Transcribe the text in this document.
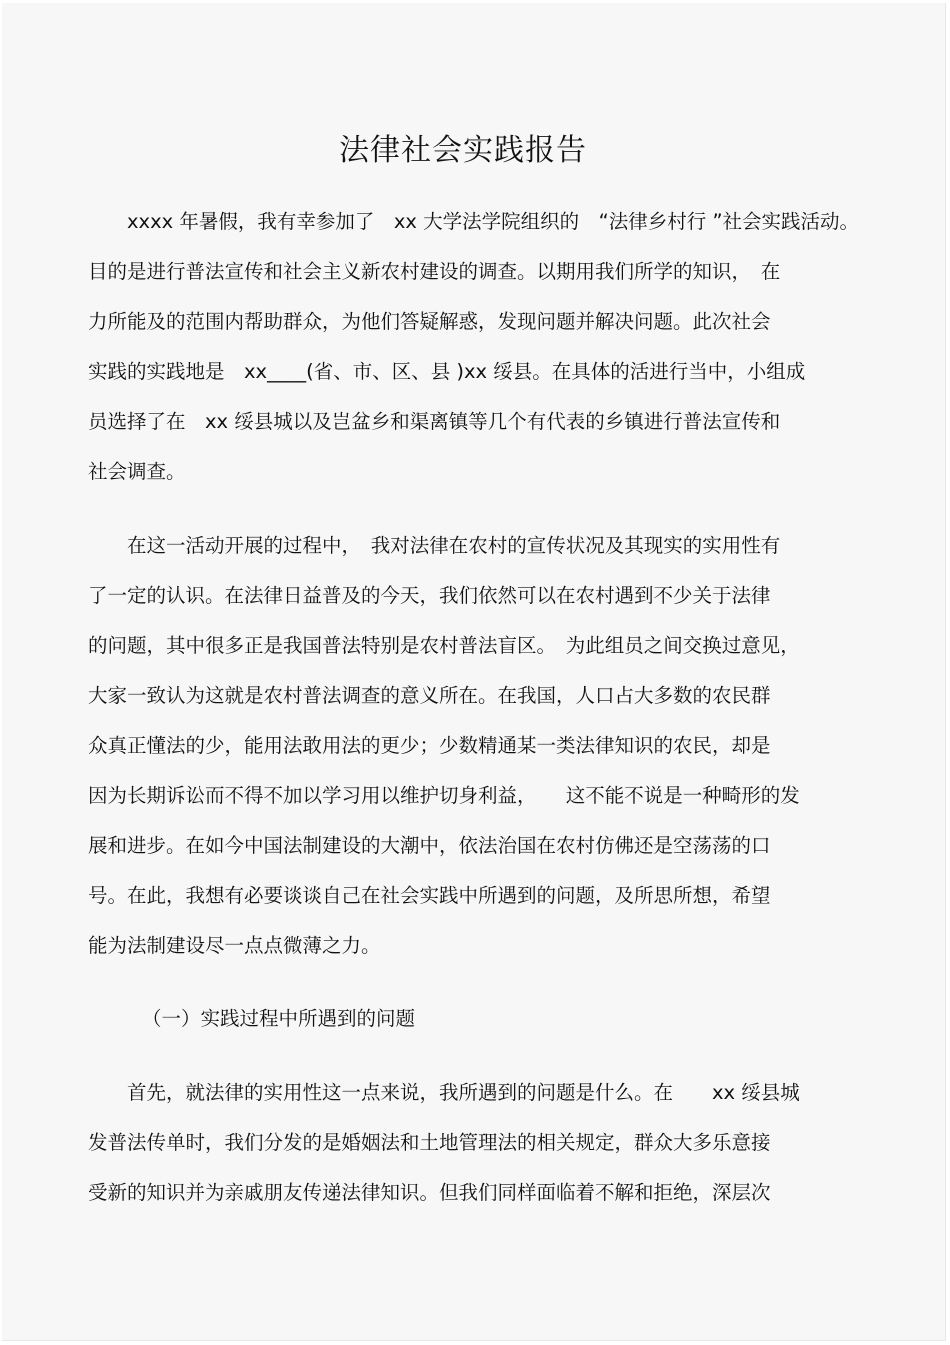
法律社会实践报告
　　xxxx 年暑假，我有幸参加了　xx 大学法学院组织的　“法律乡村行 ”社会实践活动。
目的是进行普法宣传和社会主义新农村建设的调查。以期用我们所学的知识，　在
力所能及的范围内帮助群众，为他们答疑解惑，发现问题并解决问题。此次社会
实践的实践地是　xx____(省、市、区、县 )xx 绥县。在具体的活进行当中，小组成
员选择了在　xx 绥县城以及岂盆乡和渠离镇等几个有代表的乡镇进行普法宣传和
社会调查。
　　在这一活动开展的过程中，　我对法律在农村的宣传状况及其现实的实用性有
了一定的认识。在法律日益普及的今天，我们依然可以在农村遇到不少关于法律
的问题，其中很多正是我国普法特别是农村普法盲区。　为此组员之间交换过意见，
大家一致认为这就是农村普法调查的意义所在。在我国，人口占大多数的农民群
众真正懂法的少，能用法敢用法的更少；少数精通某一类法律知识的农民，却是
因为长期诉讼而不得不加以学习用以维护切身利益，　　这不能不说是一种畸形的发
展和进步。在如今中国法制建设的大潮中，依法治国在农村仿佛还是空荡荡的口
号。在此，我想有必要谈谈自己在社会实践中所遇到的问题，及所思所想，希望
能为法制建设尽一点点微薄之力。

（一）实践过程中所遇到的问题

　　首先，就法律的实用性这一点来说，我所遇到的问题是什么。在　　xx 绥县城
发普法传单时，我们分发的是婚姻法和土地管理法的相关规定，群众大多乐意接
受新的知识并为亲戚朋友传递法律知识。但我们同样面临着不解和拒绝，深层次
